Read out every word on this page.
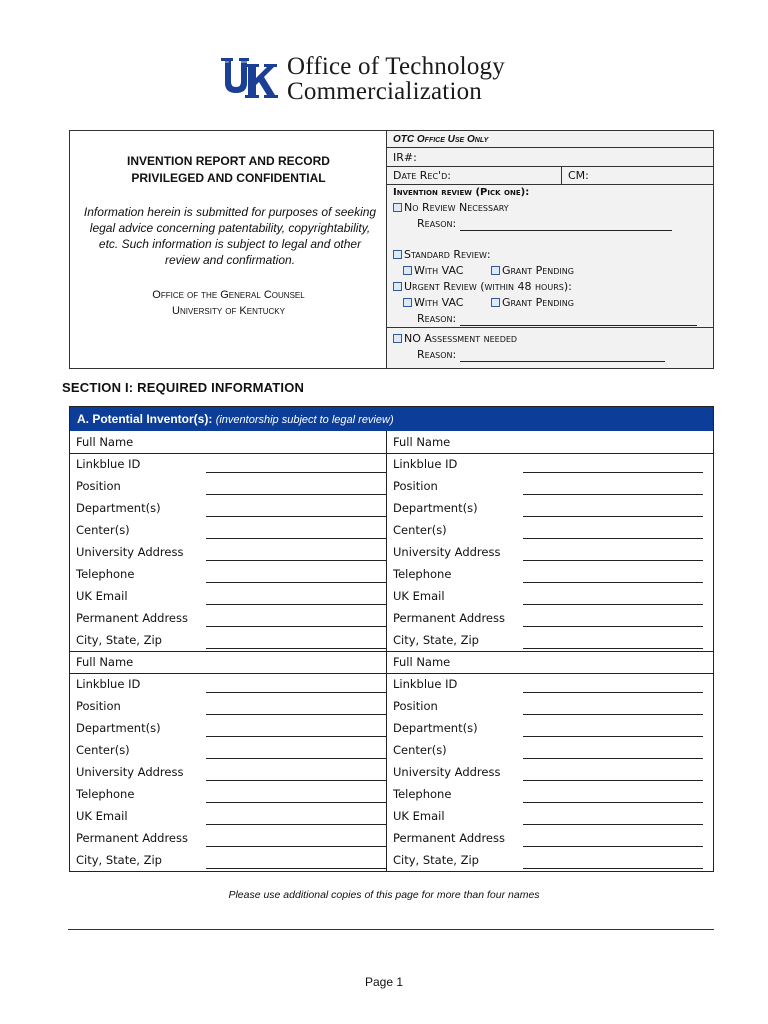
Office of Technology
Commercialization
INVENTION REPORT AND RECORD
PRIVILEGED AND CONFIDENTIAL
Information herein is submitted for purposes of seeking legal advice concerning patentability, copyrightability, etc. Such information is subject to legal and other review and confirmation.
Office of the General Counsel
University of Kentucky
OTC Office Use Only
IR#:
Date Rec'd:	CM:
Invention review (Pick one):
No Review Necessary
Reason:
Standard Review:
With VAC	Grant Pending
Urgent Review (within 48 hours):
With VAC	Grant Pending
Reason:
NO Assessment needed
Reason:
SECTION I: REQUIRED INFORMATION
A. Potential Inventor(s): (inventorship subject to legal review)
Full Name
Linkblue ID
Position
Department(s)
Center(s)
University Address
Telephone
UK Email
Permanent Address
City, State, Zip
Full Name
Linkblue ID
Position
Department(s)
Center(s)
University Address
Telephone
UK Email
Permanent Address
City, State, Zip
Full Name
Linkblue ID
Position
Department(s)
Center(s)
University Address
Telephone
UK Email
Permanent Address
City, State, Zip
Full Name
Linkblue ID
Position
Department(s)
Center(s)
University Address
Telephone
UK Email
Permanent Address
City, State, Zip
Please use additional copies of this page for more than four names
Page 1
